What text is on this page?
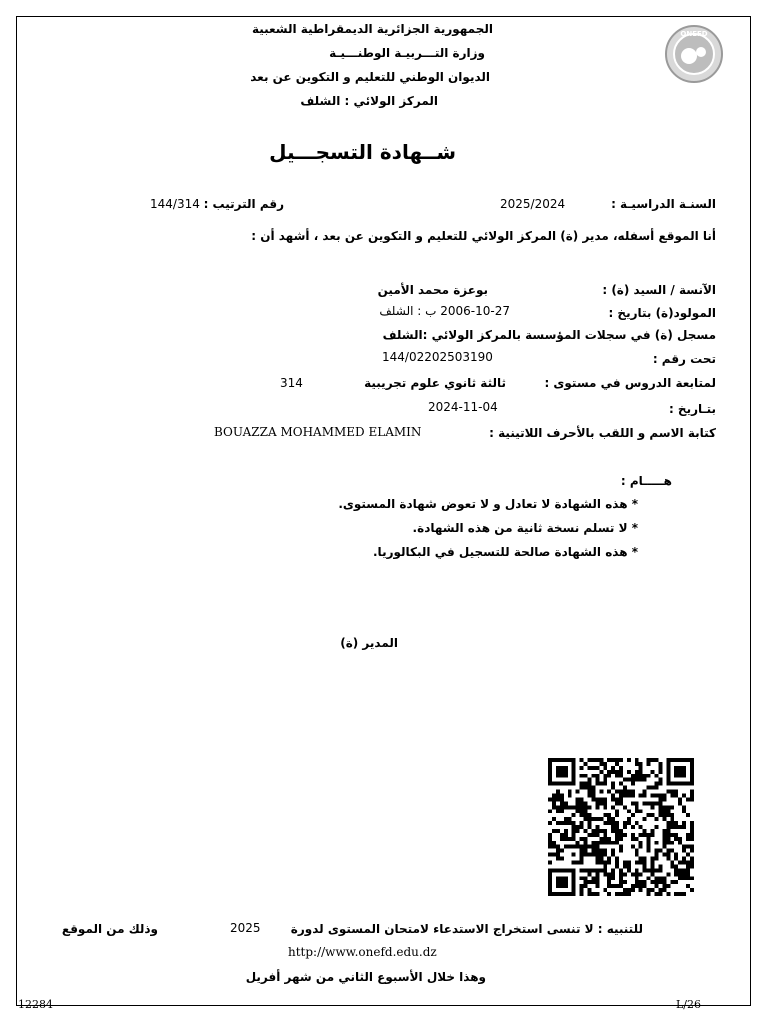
ONEFD
الجمهورية الجزائرية الديمقراطية الشعبية
وزارة التـــربيـة الوطنـــيـة
الديوان الوطني للتعليم و التكوين عن بعد
المركز الولائي : الشلف
شــهادة التسجـــيل
السنـة الدراسيـة :
2025/2024
رقم الترتيب :
144/314
أنا الموقع أسفله، مدير (ة) المركز الولائي للتعليم و التكوين عن بعد ، أشهد أن :
الآنسة / السيد (ة) :
بوعزة محمد الأمين
المولود(ة) بتاريخ :
2006-10-27 ب : الشلف
مسجل (ة) في سجلات المؤسسة بالمركز الولائي :الشلف
تحت رقم :
144/02202503190
لمتابعة الدروس في مستوى :
ثالثة ثانوي علوم تجريبية
314
بتـاريخ :
2024-11-04
كتابة الاسم و اللقب بالأحرف اللاتينية :
BOUAZZA MOHAMMED ELAMIN
هـــــام :
* هذه الشهادة لا تعادل و لا تعوض شهادة المستوى.
* لا تسلم نسخة ثانية من هذه الشهادة.
* هذه الشهادة صالحة للتسجيل في البكالوريا.
المدير (ة)
للتنبيه : لا تنسى استخراج الاستدعاء لامتحان المستوى لدورة
2025
وذلك من الموقع
http://www.onefd.edu.dz
وهذا خلال الأسبوع الثاني من شهر أفريل
12284	L/26
